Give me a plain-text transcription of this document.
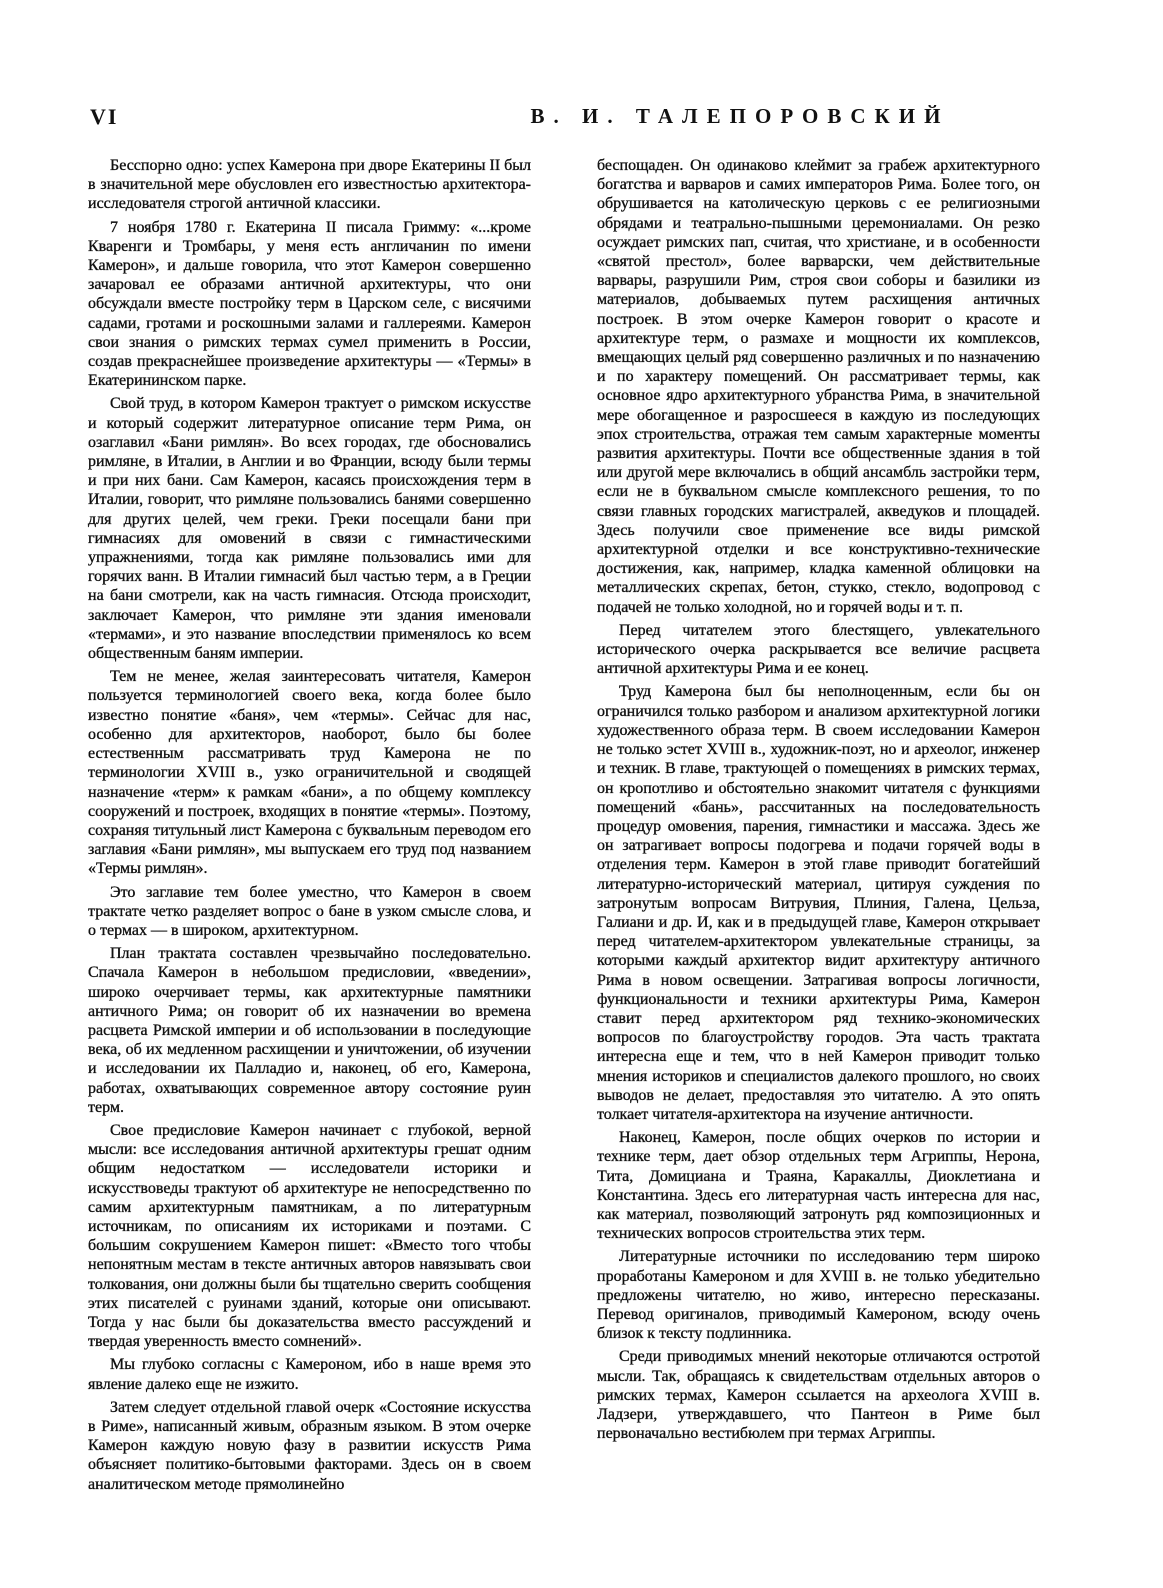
VI	В. И. ТАЛЕПОРОВСКИЙ

Бесспорно одно: успех Камерона при дворе Екатерины II был в значительной мере обусловлен его известностью архитектора-исследователя строгой античной классики.

7 ноября 1780 г. Екатерина II писала Гримму: «...кроме Кваренги и Тромбары, у меня есть англичанин по имени Камерон», и дальше говорила, что этот Камерон совершенно зачаровал ее образами античной архитектуры, что они обсуждали вместе постройку терм в Царском селе, с висячими садами, гротами и роскошными залами и галлереями. Камерон свои знания о римских термах сумел применить в России, создав прекраснейшее произведение архитектуры — «Термы» в Екатерининском парке.

Свой труд, в котором Камерон трактует о римском искусстве и который содержит литературное описание терм Рима, он озаглавил «Бани римлян». Во всех городах, где обосновались римляне, в Италии, в Англии и во Франции, всюду были термы и при них бани. Сам Камерон, касаясь происхождения терм в Италии, говорит, что римляне пользовались банями совершенно для других целей, чем греки. Греки посещали бани при гимнасиях для омовений в связи с гимнастическими упражнениями, тогда как римляне пользовались ими для горячих ванн. В Италии гимнасий был частью терм, а в Греции на бани смотрели, как на часть гимнасия. Отсюда происходит, заключает Камерон, что римляне эти здания именовали «термами», и это название впоследствии применялось ко всем общественным баням империи.

Тем не менее, желая заинтересовать читателя, Камерон пользуется терминологией своего века, когда более было известно понятие «баня», чем «термы». Сейчас для нас, особенно для архитекторов, наоборот, было бы более естественным рассматривать труд Камерона не по терминологии XVIII в., узко ограничительной и сводящей назначение «терм» к рамкам «бани», а по общему комплексу сооружений и построек, входящих в понятие «термы». Поэтому, сохраняя титульный лист Камерона с буквальным переводом его заглавия «Бани римлян», мы выпускаем его труд под названием «Термы римлян».

Это заглавие тем более уместно, что Камерон в своем трактате четко разделяет вопрос о бане в узком смысле слова, и о термах — в широком, архитектурном.

План трактата составлен чрезвычайно последовательно. Спачала Камерон в небольшом предисловии, «введении», широко очерчивает термы, как архитектурные памятники античного Рима; он говорит об их назначении во времена расцвета Римской империи и об использовании в последующие века, об их медленном расхищении и уничтожении, об изучении и исследовании их Палладио и, наконец, об его, Камерона, работах, охватывающих современное автору состояние руин терм.

Свое предисловие Камерон начинает с глубокой, верной мысли: все исследования античной архитектуры грешат одним общим недостатком — исследователи историки и искусствоведы трактуют об архитектуре не непосредственно по самим архитектурным памятникам, а по литературным источникам, по описаниям их историками и поэтами. С большим сокрушением Камерон пишет: «Вместо того чтобы непонятным местам в тексте античных авторов навязывать свои толкования, они должны были бы тщательно сверить сообщения этих писателей с руинами зданий, которые они описывают. Тогда у нас были бы доказательства вместо рассуждений и твердая уверенность вместо сомнений».

Мы глубоко согласны с Камероном, ибо в наше время это явление далеко еще не изжито.

Затем следует отдельной главой очерк «Состояние искусства в Риме», написанный живым, образным языком. В этом очерке Камерон каждую новую фазу в развитии искусств Рима объясняет политико-бытовыми факторами. Здесь он в своем аналитическом методе прямолинейно

беспощаден. Он одинаково клеймит за грабеж архитектурного богатства и варваров и самих императоров Рима. Более того, он обрушивается на католическую церковь с ее религиозными обрядами и театрально-пышными церемониалами. Он резко осуждает римских пап, считая, что христиане, и в особенности «святой престол», более варварски, чем действительные варвары, разрушили Рим, строя свои соборы и базилики из материалов, добываемых путем расхищения античных построек. В этом очерке Камерон говорит о красоте и архитектуре терм, о размахе и мощности их комплексов, вмещающих целый ряд совершенно различных и по назначению и по характеру помещений. Он рассматривает термы, как основное ядро архитектурного убранства Рима, в значительной мере обогащенное и разросшееся в каждую из последующих эпох строительства, отражая тем самым характерные моменты развития архитектуры. Почти все общественные здания в той или другой мере включались в общий ансамбль застройки терм, если не в буквальном смысле комплексного решения, то по связи главных городских магистралей, акведуков и площадей. Здесь получили свое применение все виды римской архитектурной отделки и все конструктивно-технические достижения, как, например, кладка каменной облицовки на металлических скрепах, бетон, стукко, стекло, водопровод с подачей не только холодной, но и горячей воды и т. п.

Перед читателем этого блестящего, увлекательного исторического очерка раскрывается все величие расцвета античной архитектуры Рима и ее конец.

Труд Камерона был бы неполноценным, если бы он ограничился только разбором и анализом архитектурной логики художественного образа терм. В своем исследовании Камерон не только эстет XVIII в., художник-поэт, но и археолог, инженер и техник. В главе, трактующей о помещениях в римских термах, он кропотливо и обстоятельно знакомит читателя с функциями помещений «бань», рассчитанных на последовательность процедур омовения, парения, гимнастики и массажа. Здесь же он затрагивает вопросы подогрева и подачи горячей воды в отделения терм. Камерон в этой главе приводит богатейший литературно-исторический материал, цитируя суждения по затронутым вопросам Витрувия, Плиния, Галена, Цельза, Галиани и др. И, как и в предыдущей главе, Камерон открывает перед читателем-архитектором увлекательные страницы, за которыми каждый архитектор видит архитектуру античного Рима в новом освещении. Затрагивая вопросы логичности, функциональности и техники архитектуры Рима, Камерон ставит перед архитектором ряд технико-экономических вопросов по благоустройству городов. Эта часть трактата интересна еще и тем, что в ней Камерон приводит только мнения историков и специалистов далекого прошлого, но своих выводов не делает, предоставляя это читателю. А это опять толкает читателя-архитектора на изучение античности.

Наконец, Камерон, после общих очерков по истории и технике терм, дает обзор отдельных терм Агриппы, Нерона, Тита, Домициана и Траяна, Каракаллы, Диоклетиана и Константина. Здесь его литературная часть интересна для нас, как материал, позволяющий затронуть ряд композиционных и технических вопросов строительства этих терм.

Литературные источники по исследованию терм широко проработаны Камероном и для XVIII в. не только убедительно предложены читателю, но живо, интересно пересказаны. Перевод оригиналов, приводимый Камероном, всюду очень близок к тексту подлинника.

Среди приводимых мнений некоторые отличаются остротой мысли. Так, обращаясь к свидетельствам отдельных авторов о римских термах, Камерон ссылается на археолога XVIII в. Ладзери, утверждавшего, что Пантеон в Риме был первоначально вестибюлем при термах Агриппы.
